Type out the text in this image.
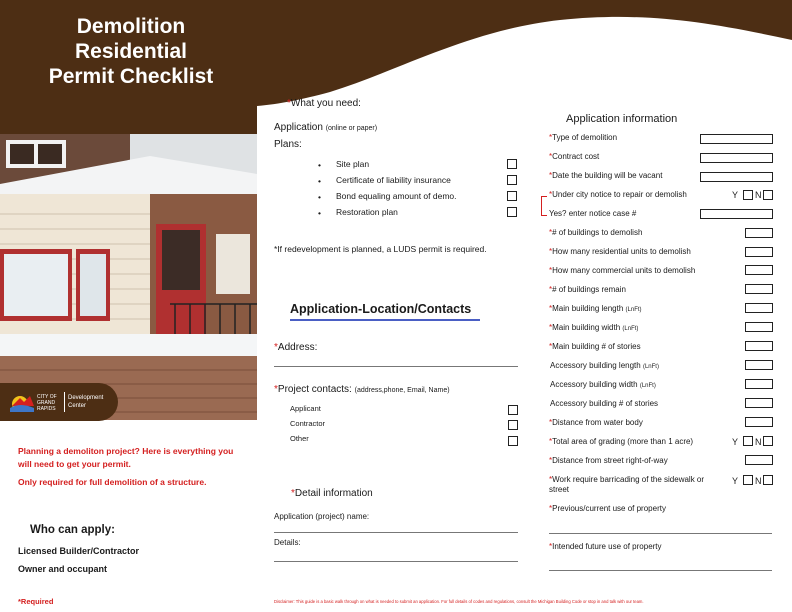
Demolition
Residential
Permit Checklist
CITY OF GRAND RAPIDS
Development
Center
Planning a demoliton project? Here is everything you will need to get your permit.
Only required for full demolition of a structure.
Who can apply:
Licensed Builder/Contractor
Owner and occupant
*Required
*What you need:
Application (online or paper)
Plans:
• Site plan
• Certificate of liability insurance
• Bond equaling amount of demo.
• Restoration plan
*If redevelopment is planned, a LUDS permit is required.
Application-Location/Contacts
*Address:
*Project contacts: (address,phone, Email, Name)
Applicant
Contractor
Other
*Detail information
Application (project) name:
Details:
Disclaimer: This guide is a basic walk through on what is needed to submit an application. For full details of codes and regulations, consult the Michigan Building Code or stop in and talk with our team.
Application information
*Type of demolition
*Contract cost
*Date the building will be vacant
*Under city notice to repair or demolish	Y N
Yes? enter notice case #
*# of buildings to demolish
*How many residential units to demolish
*How many commercial units to demolish
*# of buildings remain
*Main building length (LnFt)
*Main building width (LnFt)
*Main building # of stories
Accessory building length (LnFt)
Accessory building width (LnFt)
Accessory building # of stories
*Distance from water body
*Total area of grading (more than 1 acre)	Y N
*Distance from street right-of-way
*Work require barricading of the sidewalk or street
Y N
*Previous/current use of property
*Intended future use of property
